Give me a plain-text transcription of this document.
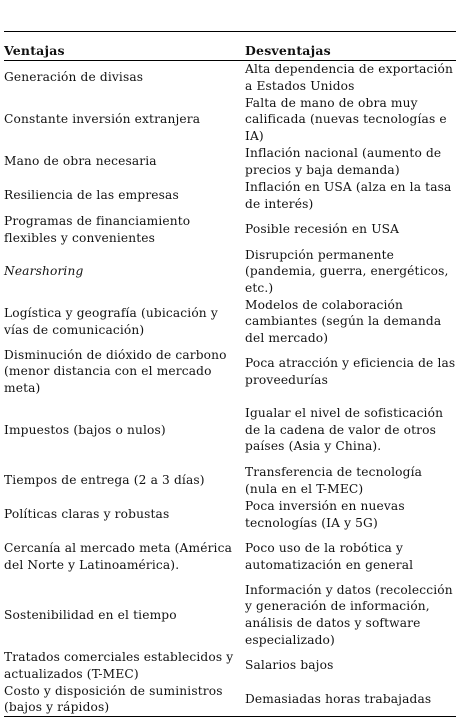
Ventajas	Desventajas
Generación de divisas	Alta dependencia de exportación a Estados Unidos
Constante inversión extranjera	Falta de mano de obra muy calificada (nuevas tecnologías e IA)
Mano de obra necesaria	Inflación nacional (aumento de precios y baja demanda)
Resiliencia de las empresas	Inflación en USA (alza en la tasa de interés)
Programas de financiamiento flexibles y convenientes	Posible recesión en USA
Nearshoring	Disrupción permanente (pandemia, guerra, energéticos, etc.)
Logística y geografía (ubicación y vías de comunicación)	Modelos de colaboración cambiantes (según la demanda del mercado)
Disminución de dióxido de carbono (menor distancia con el mercado meta)	Poca atracción y eficiencia de las proveedurías
Impuestos (bajos o nulos)	Igualar el nivel de sofisticación de la cadena de valor de otros países (Asia y China).
Tiempos de entrega (2 a 3 días)	Transferencia de tecnología (nula en el T-MEC)
Políticas claras y robustas	Poca inversión en nuevas tecnologías (IA y 5G)
Cercanía al mercado meta (América del Norte y Latinoamérica).	Poco uso de la robótica y automatización en general
Sostenibilidad en el tiempo	Información y datos (recolección y generación de información, análisis de datos y software especializado)
Tratados comerciales establecidos y actualizados (T-MEC)	Salarios bajos
Costo y disposición de suministros (bajos y rápidos)	Demasiadas horas trabajadas
